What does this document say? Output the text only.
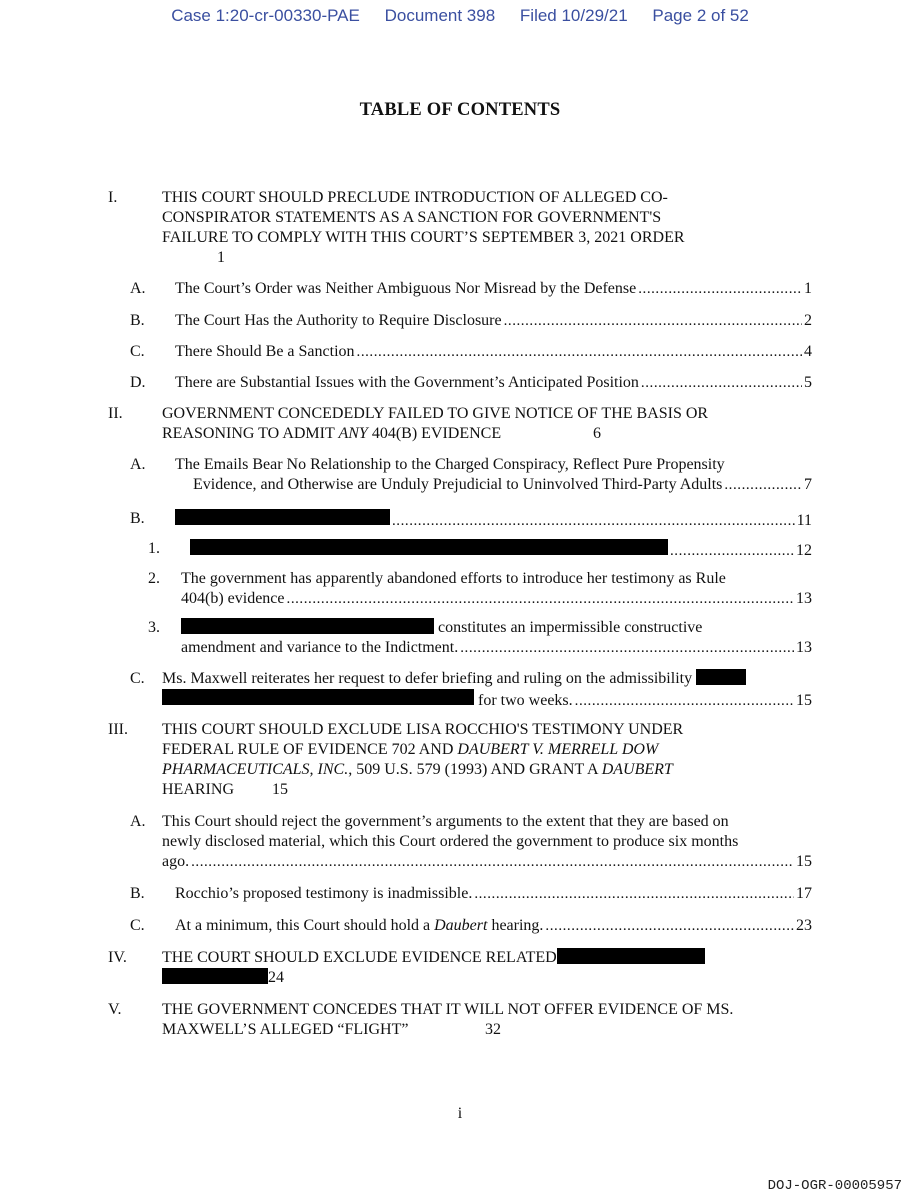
Case 1:20-cr-00330-PAE Document 398 Filed 10/29/21 Page 2 of 52
TABLE OF CONTENTS
I.	THIS COURT SHOULD PRECLUDE INTRODUCTION OF ALLEGED CO-
CONSPIRATOR STATEMENTS AS A SANCTION FOR GOVERNMENT'S
FAILURE TO COMPLY WITH THIS COURT’S SEPTEMBER 3, 2021 ORDER
1
A. The Court’s Order was Neither Ambiguous Nor Misread by the Defense . . .	1
B. The Court Has the Authority to Require Disclosure . . .	2
C. There Should Be a Sanction . . .	4
D. There are Substantial Issues with the Government’s Anticipated Position . . .	5
II. GOVERNMENT CONCEDEDLY FAILED TO GIVE NOTICE OF THE BASIS OR
REASONING TO ADMIT ANY 404(B) EVIDENCE	6
A. The Emails Bear No Relationship to the Charged Conspiracy, Reflect Pure Propensity
Evidence, and Otherwise are Unduly Prejudicial to Uninvolved Third-Party Adults . . .	7
B. . . .	11
1. . . .	12
2. The government has apparently abandoned efforts to introduce her testimony as Rule
404(b) evidence . . .	13
3.	constitutes an impermissible constructive
amendment and variance to the Indictment. . . .	13
C. Ms. Maxwell reiterates her request to defer briefing and ruling on the admissibility

for two weeks. . . .	15
III. THIS COURT SHOULD EXCLUDE LISA ROCCHIO'S TESTIMONY UNDER
FEDERAL RULE OF EVIDENCE 702 AND DAUBERT V. MERRELL DOW
PHARMACEUTICALS, INC., 509 U.S. 579 (1993) AND GRANT A DAUBERT
HEARING 15
A. This Court should reject the government’s arguments to the extent that they are based on
newly disclosed material, which this Court ordered the government to produce six months
ago. . . .	15
B. Rocchio’s proposed testimony is inadmissible. . . .	17
C. At a minimum, this Court should hold a Daubert hearing. . . .	23
IV. THE COURT SHOULD EXCLUDE EVIDENCE RELATED
24
V.	THE GOVERNMENT CONCEDES THAT IT WILL NOT OFFER EVIDENCE OF MS.
MAXWELL’S ALLEGED “FLIGHT”	32
i
DOJ-OGR-00005957
